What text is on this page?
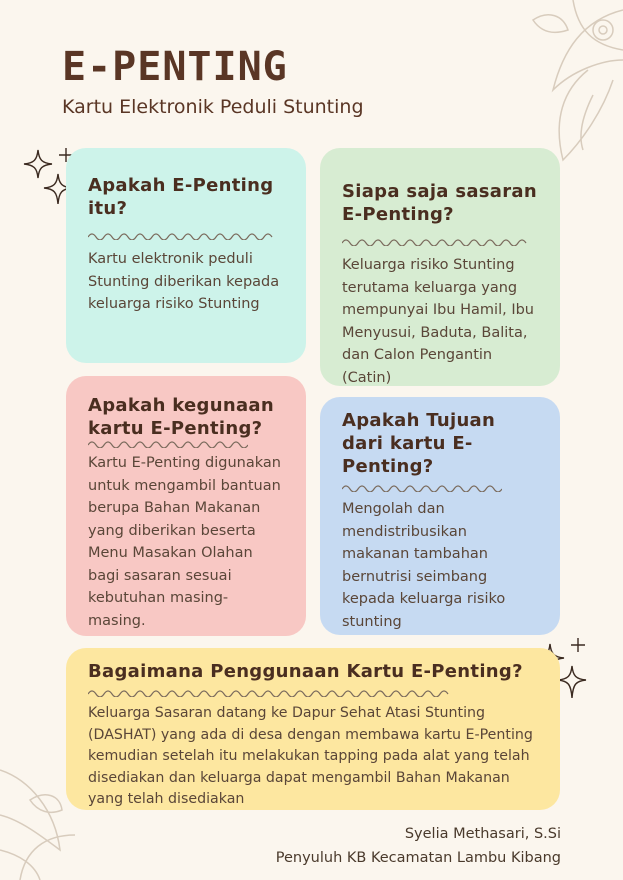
E-PENTING
Kartu Elektronik Peduli Stunting
Apakah E-Penting itu?

Kartu elektronik peduli Stunting diberikan kepada keluarga risiko Stunting

Siapa saja sasaran E-Penting?

Keluarga risiko Stunting terutama keluarga yang mempunyai Ibu Hamil, Ibu Menyusui, Baduta, Balita, dan Calon Pengantin (Catin)

Apakah kegunaan kartu E-Penting?

Kartu E-Penting digunakan untuk mengambil bantuan berupa Bahan Makanan yang diberikan beserta Menu Masakan Olahan bagi sasaran sesuai kebutuhan masing-masing.

Apakah Tujuan dari kartu E-Penting?

Mengolah dan mendistribusikan makanan tambahan bernutrisi seimbang kepada keluarga risiko stunting

Bagaimana Penggunaan Kartu E-Penting?

Keluarga Sasaran datang ke Dapur Sehat Atasi Stunting (DASHAT) yang ada di desa dengan membawa kartu E-Penting kemudian setelah itu melakukan tapping pada alat yang telah disediakan dan keluarga dapat mengambil Bahan Makanan yang telah disediakan

Syelia Methasari, S.Si
Penyuluh KB Kecamatan Lambu Kibang
